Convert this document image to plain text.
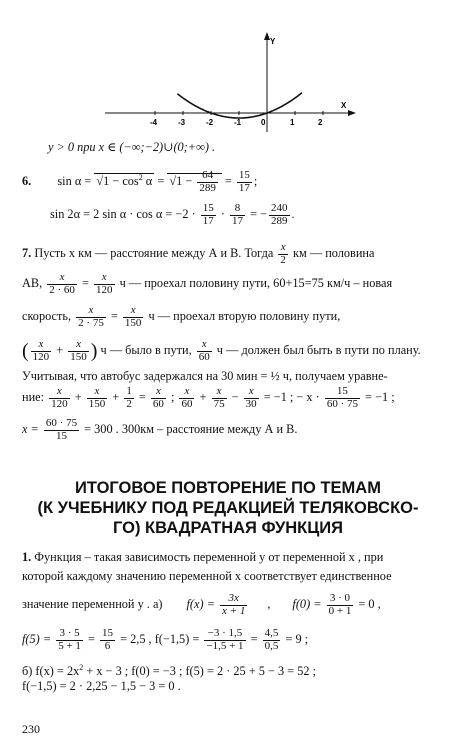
-4	-3	-2	-1 0	1	2
X
Y
y > 0 при x ∈ (−∞;−2)∪(0;+∞) .
6. $\sin \alpha = √1 - \cos^2 \alpha = √1 - \frac{64}{289} = \frac{15}{17}$ ;
sin 2α = 2 $\sin \alpha \cdot \cos \alpha = -2 \cdot \frac{15}{17} \cdot \frac{8}{17}$ = − $\frac{240}{289}$ .
7. Пусть x км — расстояние между А и В. Тогда $\frac{x}{2}$ км — половина
АВ, $\frac{x}{2 \cdot 60} = \frac{x}{120}$ ч — проехал половину пути, 60+15=75 км/ч – новая
скорость, $\frac{x}{2 \cdot 75} = \frac{x}{150}$ ч — проехал вторую половину пути,
( $\frac{x}{120} + \frac{x}{150}$ ) ч — было в пути, $\frac{x}{60}$ ч — должен был быть в пути по плану.
Учитывая, что автобус задержался на 30 мин = ½ ч, получаем уравне-
ние: $\frac{x}{120} + \frac{x}{150} + \frac{1}{2} = \frac{x}{60}$ ; $\frac{x}{60} + \frac{x}{75} - \frac{x}{30} = -1$ ; − $x \cdot \frac{15}{60 \cdot 75} = -1$ ;
$x = \frac{60 \cdot 75}{15} = 300$ . 300км – расстояние между А и В.
ИТОГОВОЕ ПОВТОРЕНИЕ ПО ТЕМАМ
(К УЧЕБНИКУ ПОД РЕДАКЦИЕЙ ТЕЛЯКОВСКО-
ГО) КВАДРАТНАЯ ФУНКЦИЯ
1. Функция – такая зависимость переменной y от переменной x , при
которой каждому значению переменной x соответствует единственное
значение переменной y . а) $f(x) = \frac{3x}{x + 1}$ , $f(0) = \frac{3 \cdot 0}{0 + 1} = 0$ ,
$f(5) = \frac{3 \cdot 5}{5 + 1} = \frac{15}{6} = 2,5$ , $f(-1,5) = \frac{-3 \cdot 1,5}{-1,5 + 1} = \frac{4,5}{0,5} = 9$ ;
б) $f(x) = 2x^2 + x - 3$ ; f(0) = −3 ; f(5) = 2 · 25 + 5 − 3 = 52 ;
f(−1,5) = 2 · 2,25 − 1,5 − 3 = 0 .
230
